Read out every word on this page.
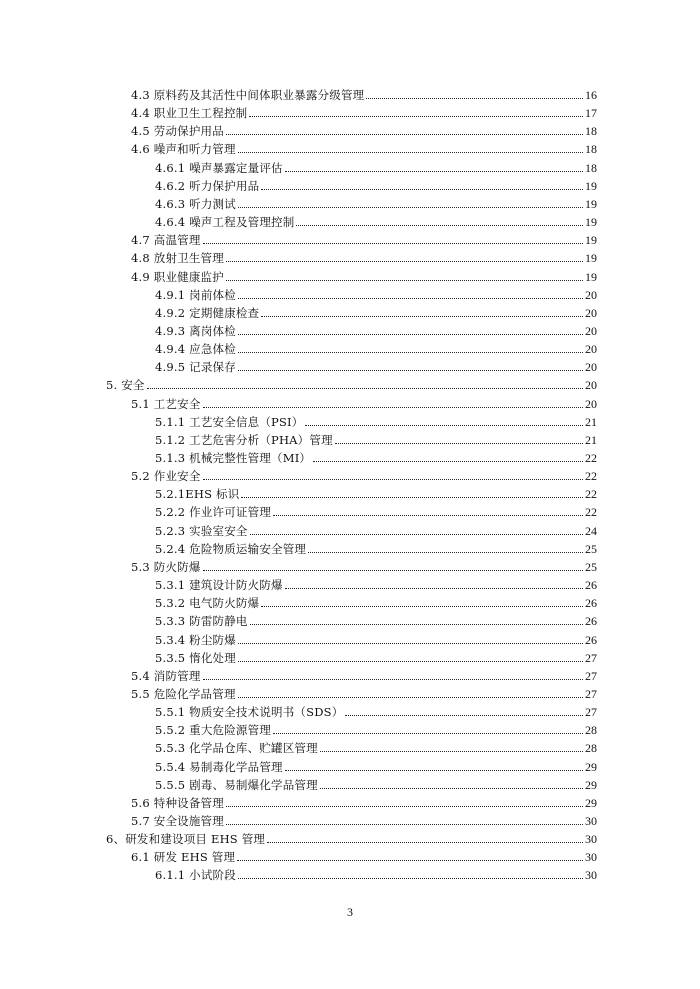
4.3 原料药及其活性中间体职业暴露分级管理	16
4.4 职业卫生工程控制	17
4.5 劳动保护用品	18
4.6 噪声和听力管理	18
4.6.1 噪声暴露定量评估	18
4.6.2 听力保护用品	19
4.6.3 听力测试	19
4.6.4 噪声工程及管理控制	19
4.7 高温管理	19
4.8 放射卫生管理	19
4.9 职业健康监护	19
4.9.1 岗前体检	20
4.9.2 定期健康检查	20
4.9.3 离岗体检	20
4.9.4 应急体检	20
4.9.5 记录保存	20
5. 安全	20
5.1 工艺安全	20
5.1.1 工艺安全信息（PSI）	21
5.1.2 工艺危害分析（PHA）管理	21
5.1.3 机械完整性管理（MI）	22
5.2 作业安全	22
5.2.1EHS 标识	22
5.2.2 作业许可证管理	22
5.2.3 实验室安全	24
5.2.4 危险物质运输安全管理	25
5.3 防火防爆	25
5.3.1 建筑设计防火防爆	26
5.3.2 电气防火防爆	26
5.3.3 防雷防静电	26
5.3.4 粉尘防爆	26
5.3.5 惰化处理	27
5.4 消防管理	27
5.5 危险化学品管理	27
5.5.1 物质安全技术说明书（SDS）	27
5.5.2 重大危险源管理	28
5.5.3 化学品仓库、贮罐区管理	28
5.5.4 易制毒化学品管理	29
5.5.5 剧毒、易制爆化学品管理	29
5.6 特种设备管理	29
5.7 安全设施管理	30
6、研发和建设项目 EHS 管理	30
6.1 研发 EHS 管理	30
6.1.1 小试阶段	30
3
